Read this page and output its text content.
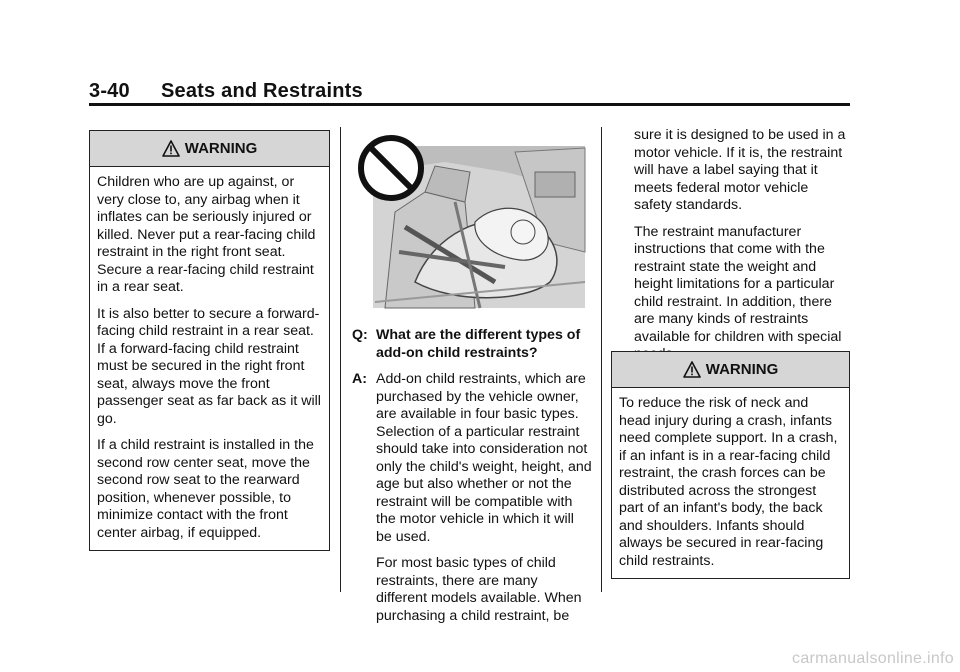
3-40 Seats and Restraints
WARNING

Children who are up against, or very close to, any airbag when it inflates can be seriously injured or killed. Never put a rear-facing child restraint in the right front seat. Secure a rear-facing child restraint in a rear seat.

It is also better to secure a forward-facing child restraint in a rear seat. If a forward-facing child restraint must be secured in the right front seat, always move the front passenger seat as far back as it will go.

If a child restraint is installed in the second row center seat, move the second row seat to the rearward position, whenever possible, to minimize contact with the front center airbag, if equipped.

Q: What are the different types of add-on child restraints?
A: Add-on child restraints, which are purchased by the vehicle owner, are available in four basic types. Selection of a particular restraint should take into consideration not only the child's weight, height, and age but also whether or not the restraint will be compatible with the motor vehicle in which it will be used.

For most basic types of child restraints, there are many different models available. When purchasing a child restraint, be

sure it is designed to be used in a motor vehicle. If it is, the restraint will have a label saying that it meets federal motor vehicle safety standards.

The restraint manufacturer instructions that come with the restraint state the weight and height limitations for a particular child restraint. In addition, there are many kinds of restraints available for children with special

WARNING

To reduce the risk of neck and head injury during a crash, infants need complete support. In a crash, if an infant is in a rear-facing child restraint, the crash forces can be distributed across the strongest part of an infant's body, the back and shoulders. Infants should always be secured in rear-facing child restraints.

carmanualsonline.info
